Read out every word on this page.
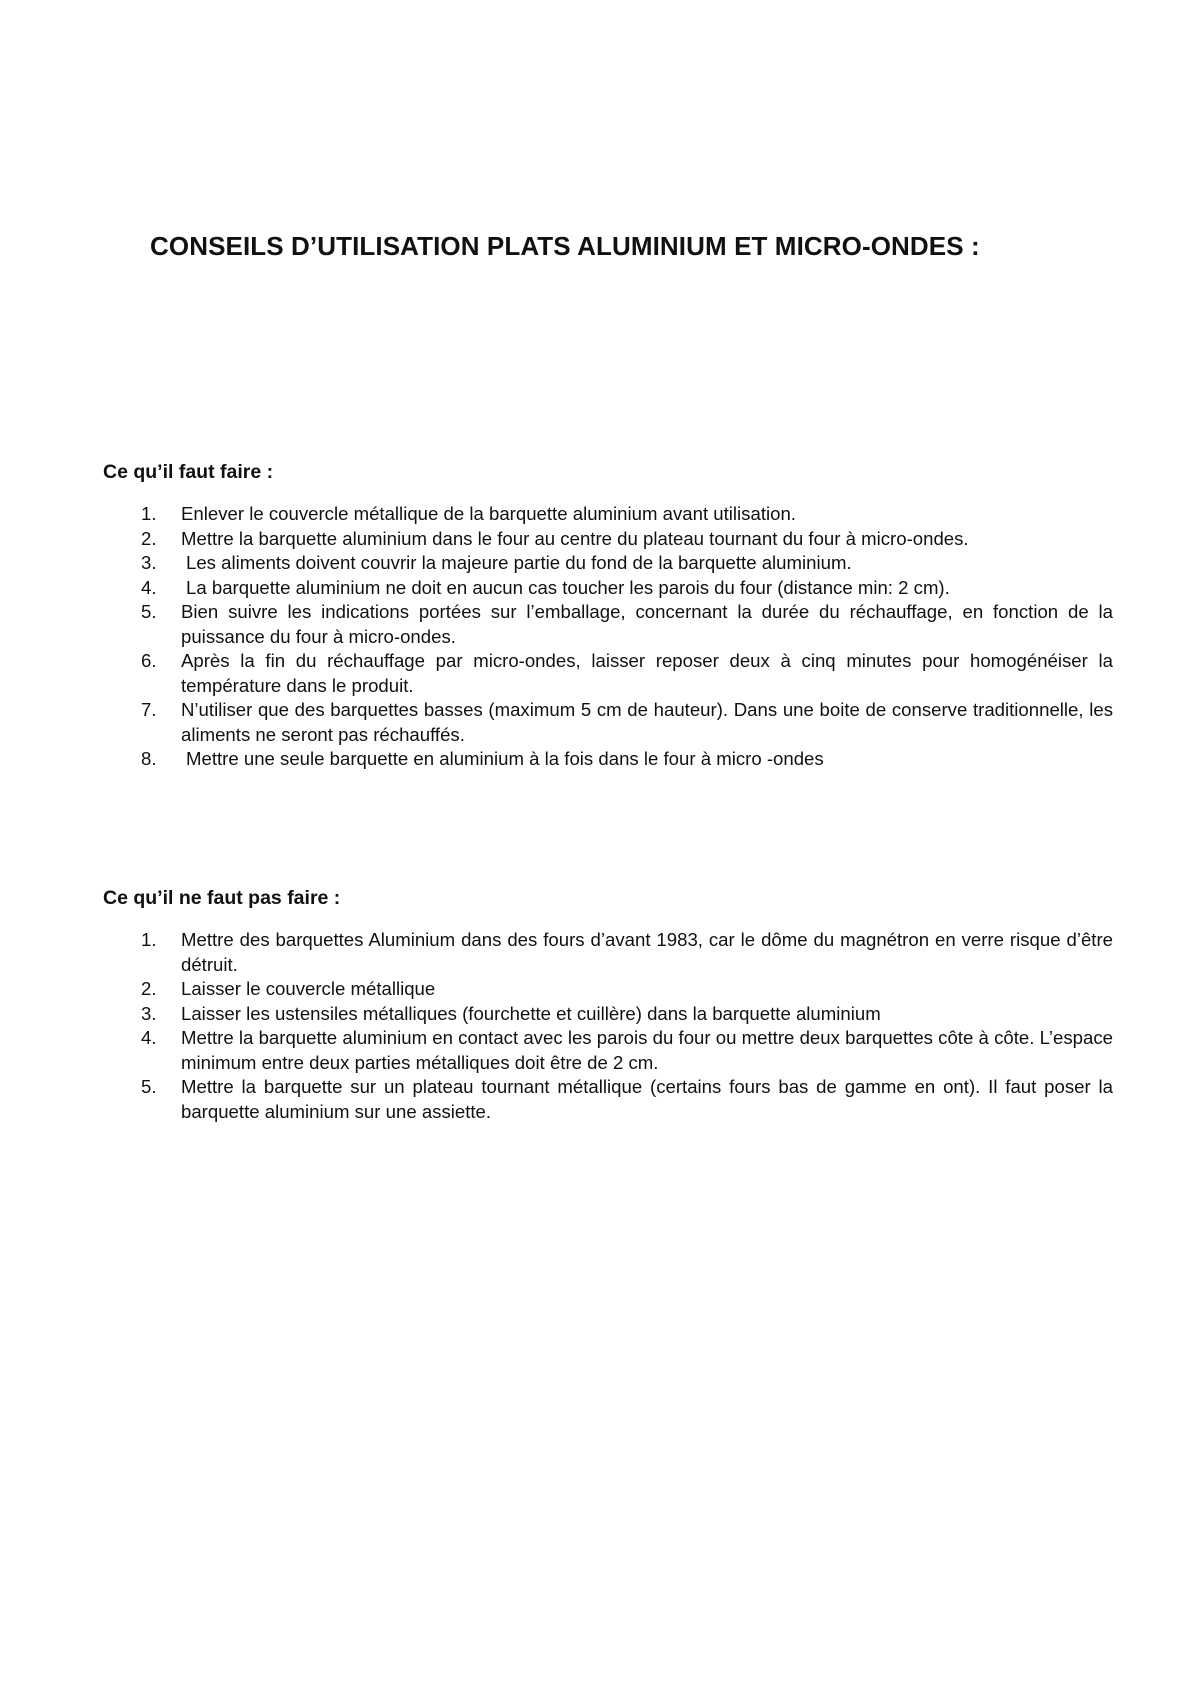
CONSEILS D’UTILISATION PLATS ALUMINIUM ET MICRO-ONDES :
Ce qu’il faut faire :
1.	Enlever le couvercle métallique de la barquette aluminium avant utilisation.
2.	Mettre la barquette aluminium dans le four au centre du plateau tournant du four à micro-ondes.
3.	Les aliments doivent couvrir la majeure partie du fond de la barquette aluminium.
4.	La barquette aluminium ne doit en aucun cas toucher les parois du four (distance min: 2 cm).
5.	Bien suivre les indications portées sur l’emballage, concernant la durée du réchauffage, en fonction de la puissance du four à micro-ondes.
6.	Après la fin du réchauffage par micro-ondes, laisser reposer deux à cinq minutes pour homogénéiser la température dans le produit.
7.	N’utiliser que des barquettes basses (maximum 5 cm de hauteur). Dans une boite de conserve traditionnelle, les aliments ne seront pas réchauffés.
8.	Mettre une seule barquette en aluminium à la fois dans le four à micro -ondes
Ce qu’il ne faut pas faire :
1.	Mettre des barquettes Aluminium dans des fours d’avant 1983, car le dôme du magnétron en verre risque d’être détruit.
2.	Laisser le couvercle métallique
3.	Laisser les ustensiles métalliques (fourchette et cuillère) dans la barquette aluminium
4.	Mettre la barquette aluminium en contact avec les parois du four ou mettre deux barquettes côte à côte. L’espace minimum entre deux parties métalliques doit être de 2 cm.
5.	Mettre la barquette sur un plateau tournant métallique (certains fours bas de gamme en ont). Il faut poser la barquette aluminium sur une assiette.
